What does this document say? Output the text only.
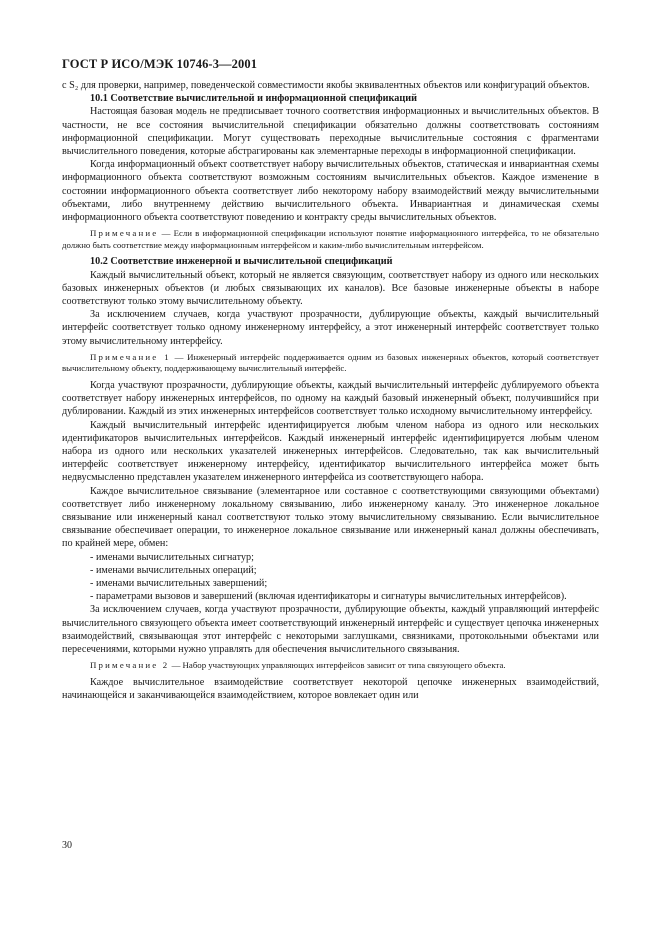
ГОСТ Р ИСО/МЭК 10746-3—2001

с S₂ для проверки, например, поведенческой совместимости якобы эквивалентных объектов или конфигураций объектов.

10.1 Соответствие вычислительной и информационной спецификаций

Настоящая базовая модель не предписывает точного соответствия информационных и вычислительных объектов. В частности, не все состояния вычислительной спецификации обязательно должны соответствовать состояниям информационной спецификации. Могут существовать переходные вычислительные состояния с фрагментами вычислительного поведения, которые абстрагированы как элементарные переходы в информационной спецификации.

Когда информационный объект соответствует набору вычислительных объектов, статическая и инвариантная схемы информационного объекта соответствуют возможным состояниям вычислительных объектов. Каждое изменение в состоянии информационного объекта соответствует либо некоторому набору взаимодействий между вычислительными объектами, либо внутреннему действию вычислительного объекта. Инвариантная и динамическая схемы информационного объекта соответствуют поведению и контракту среды вычислительных объектов.

Примечание — Если в информационной спецификации используют понятие информационного интерфейса, то не обязательно должно быть соответствие между информационным интерфейсом и каким-либо вычислительным интерфейсом.

10.2 Соответствие инженерной и вычислительной спецификаций

Каждый вычислительный объект, который не является связующим, соответствует набору из одного или нескольких базовых инженерных объектов (и любых связывающих их каналов). Все базовые инженерные объекты в наборе соответствуют только этому вычислительному объекту.

За исключением случаев, когда участвуют прозрачности, дублирующие объекты, каждый вычислительный интерфейс соответствует только одному инженерному интерфейсу, а этот инженерный интерфейс соответствует только этому вычислительному интерфейсу.

Примечание 1 — Инженерный интерфейс поддерживается одним из базовых инженерных объектов, который соответствует вычислительному объекту, поддерживающему вычислительный интерфейс.

Когда участвуют прозрачности, дублирующие объекты, каждый вычислительный интерфейс дублируемого объекта соответствует набору инженерных интерфейсов, по одному на каждый базовый инженерный объект, получившийся при дублировании. Каждый из этих инженерных интерфейсов соответствует только исходному вычислительному интерфейсу.

Каждый вычислительный интерфейс идентифицируется любым членом набора из одного или нескольких идентификаторов вычислительных интерфейсов. Каждый инженерный интерфейс идентифицируется любым членом набора из одного или нескольких указателей инженерных интерфейсов. Следовательно, так как вычислительный интерфейс соответствует инженерному интерфейсу, идентификатор вычислительного интерфейса может быть недвусмысленно представлен указателем инженерного интерфейса из соответствующего набора.

Каждое вычислительное связывание (элементарное или составное с соответствующими связующими объектами) соответствует либо инженерному локальному связыванию, либо инженерному каналу. Это инженерное локальное связывание или инженерный канал соответствуют только этому вычислительному связыванию. Если вычислительное связывание обеспечивает операции, то инженерное локальное связывание или инженерный канал должны обеспечивать, по крайней мере, обмен:

- именами вычислительных сигнатур;

- именами вычислительных операций;

- именами вычислительных завершений;

- параметрами вызовов и завершений (включая идентификаторы и сигнатуры вычислительных интерфейсов).

За исключением случаев, когда участвуют прозрачности, дублирующие объекты, каждый управляющий интерфейс вычислительного связующего объекта имеет соответствующий инженерный интерфейс и существует цепочка инженерных взаимодействий, связывающая этот интерфейс с некоторыми заглушками, связниками, протокольными объектами или пересечениями, которыми нужно управлять для обеспечения вычислительного связывания.

Примечание 2 — Набор участвующих управляющих интерфейсов зависит от типа связующего объекта.

Каждое вычислительное взаимодействие соответствует некоторой цепочке инженерных взаимодействий, начинающейся и заканчивающейся взаимодействием, которое вовлекает один или

30
